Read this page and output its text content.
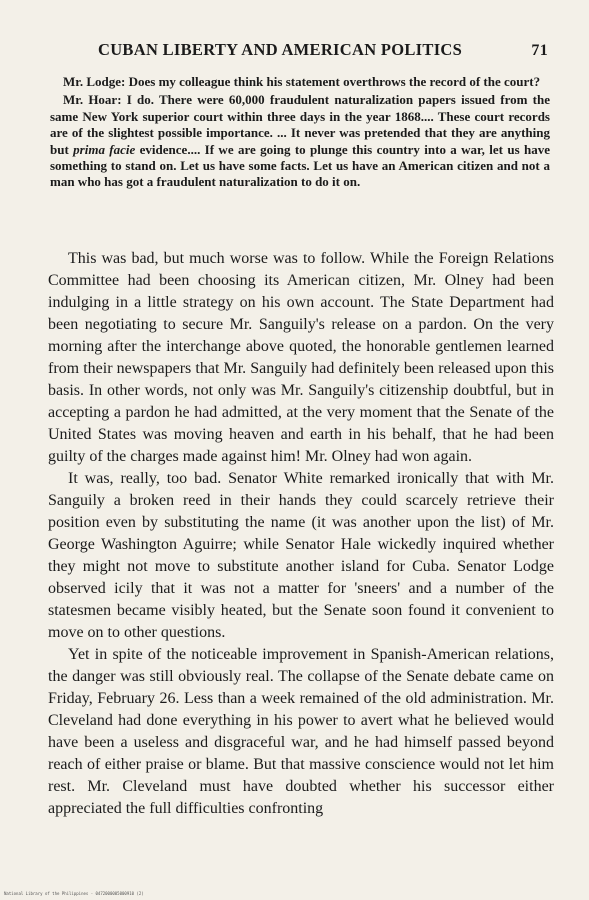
CUBAN LIBERTY AND AMERICAN POLITICS	71

Mr. Lodge: Does my colleague think his statement overthrows the record of the court?

Mr. Hoar: I do. There were 60,000 fraudulent naturalization papers issued from the same New York superior court within three days in the year 1868.... These court records are of the slightest possible importance. ... It never was pretended that they are anything but prima facie evidence.... If we are going to plunge this country into a war, let us have something to stand on. Let us have some facts. Let us have an American citizen and not a man who has got a fraudulent naturalization to do it on.

This was bad, but much worse was to follow. While the Foreign Relations Committee had been choosing its American citizen, Mr. Olney had been indulging in a little strategy on his own account. The State Department had been negotiating to secure Mr. Sanguily's release on a pardon. On the very morning after the interchange above quoted, the honorable gentlemen learned from their newspapers that Mr. Sanguily had definitely been released upon this basis. In other words, not only was Mr. Sanguily's citizenship doubtful, but in accepting a pardon he had admitted, at the very moment that the Senate of the United States was moving heaven and earth in his behalf, that he had been guilty of the charges made against him! Mr. Olney had won again.

It was, really, too bad. Senator White remarked ironically that with Mr. Sanguily a broken reed in their hands they could scarcely retrieve their position even by substituting the name (it was another upon the list) of Mr. George Washington Aguirre; while Senator Hale wickedly inquired whether they might not move to substitute another island for Cuba. Senator Lodge observed icily that it was not a matter for 'sneers' and a number of the statesmen became visibly heated, but the Senate soon found it convenient to move on to other questions.

Yet in spite of the noticeable improvement in Spanish-American relations, the danger was still obviously real. The collapse of the Senate debate came on Friday, February 26. Less than a week remained of the old administration. Mr. Cleveland had done everything in his power to avert what he believed would have been a useless and disgraceful war, and he had himself passed beyond reach of either praise or blame. But that massive conscience would not let him rest. Mr. Cleveland must have doubted whether his successor either appreciated the full difficulties confronting

National Library of the Philippines · 0472000005000910 (2)
